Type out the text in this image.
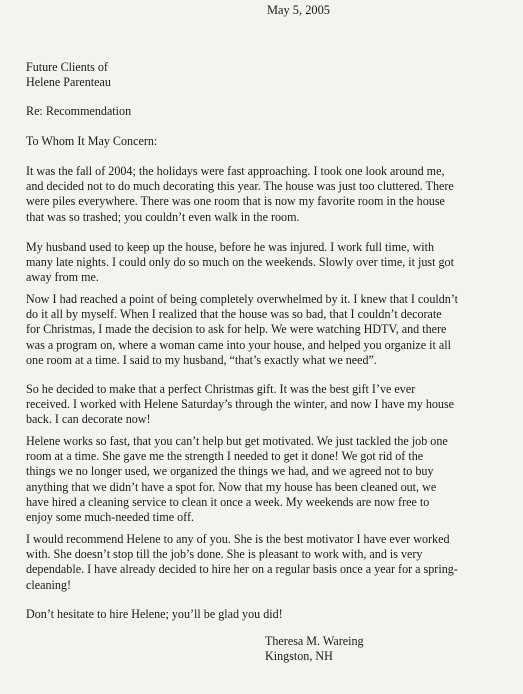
May 5, 2005
Future Clients of
Helene Parenteau
Re: Recommendation
To Whom It May Concern:
It was the fall of 2004; the holidays were fast approaching. I took one look around me,
and decided not to do much decorating this year. The house was just too cluttered. There
were piles everywhere. There was one room that is now my favorite room in the house
that was so trashed; you couldn’t even walk in the room.
My husband used to keep up the house, before he was injured. I work full time, with
many late nights. I could only do so much on the weekends. Slowly over time, it just got
away from me.
Now I had reached a point of being completely overwhelmed by it. I knew that I couldn’t
do it all by myself. When I realized that the house was so bad, that I couldn’t decorate
for Christmas, I made the decision to ask for help. We were watching HDTV, and there
was a program on, where a woman came into your house, and helped you organize it all
one room at a time. I said to my husband, “that’s exactly what we need”.
So he decided to make that a perfect Christmas gift. It was the best gift I’ve ever
received. I worked with Helene Saturday’s through the winter, and now I have my house
back. I can decorate now!
Helene works so fast, that you can’t help but get motivated. We just tackled the job one
room at a time. She gave me the strength I needed to get it done! We got rid of the
things we no longer used, we organized the things we had, and we agreed not to buy
anything that we didn’t have a spot for. Now that my house has been cleaned out, we
have hired a cleaning service to clean it once a week. My weekends are now free to
enjoy some much-needed time off.
I would recommend Helene to any of you. She is the best motivator I have ever worked
with. She doesn’t stop till the job’s done. She is pleasant to work with, and is very
dependable. I have already decided to hire her on a regular basis once a year for a spring-
cleaning!
Don’t hesitate to hire Helene; you’ll be glad you did!
Theresa M. Wareing
Kingston, NH
